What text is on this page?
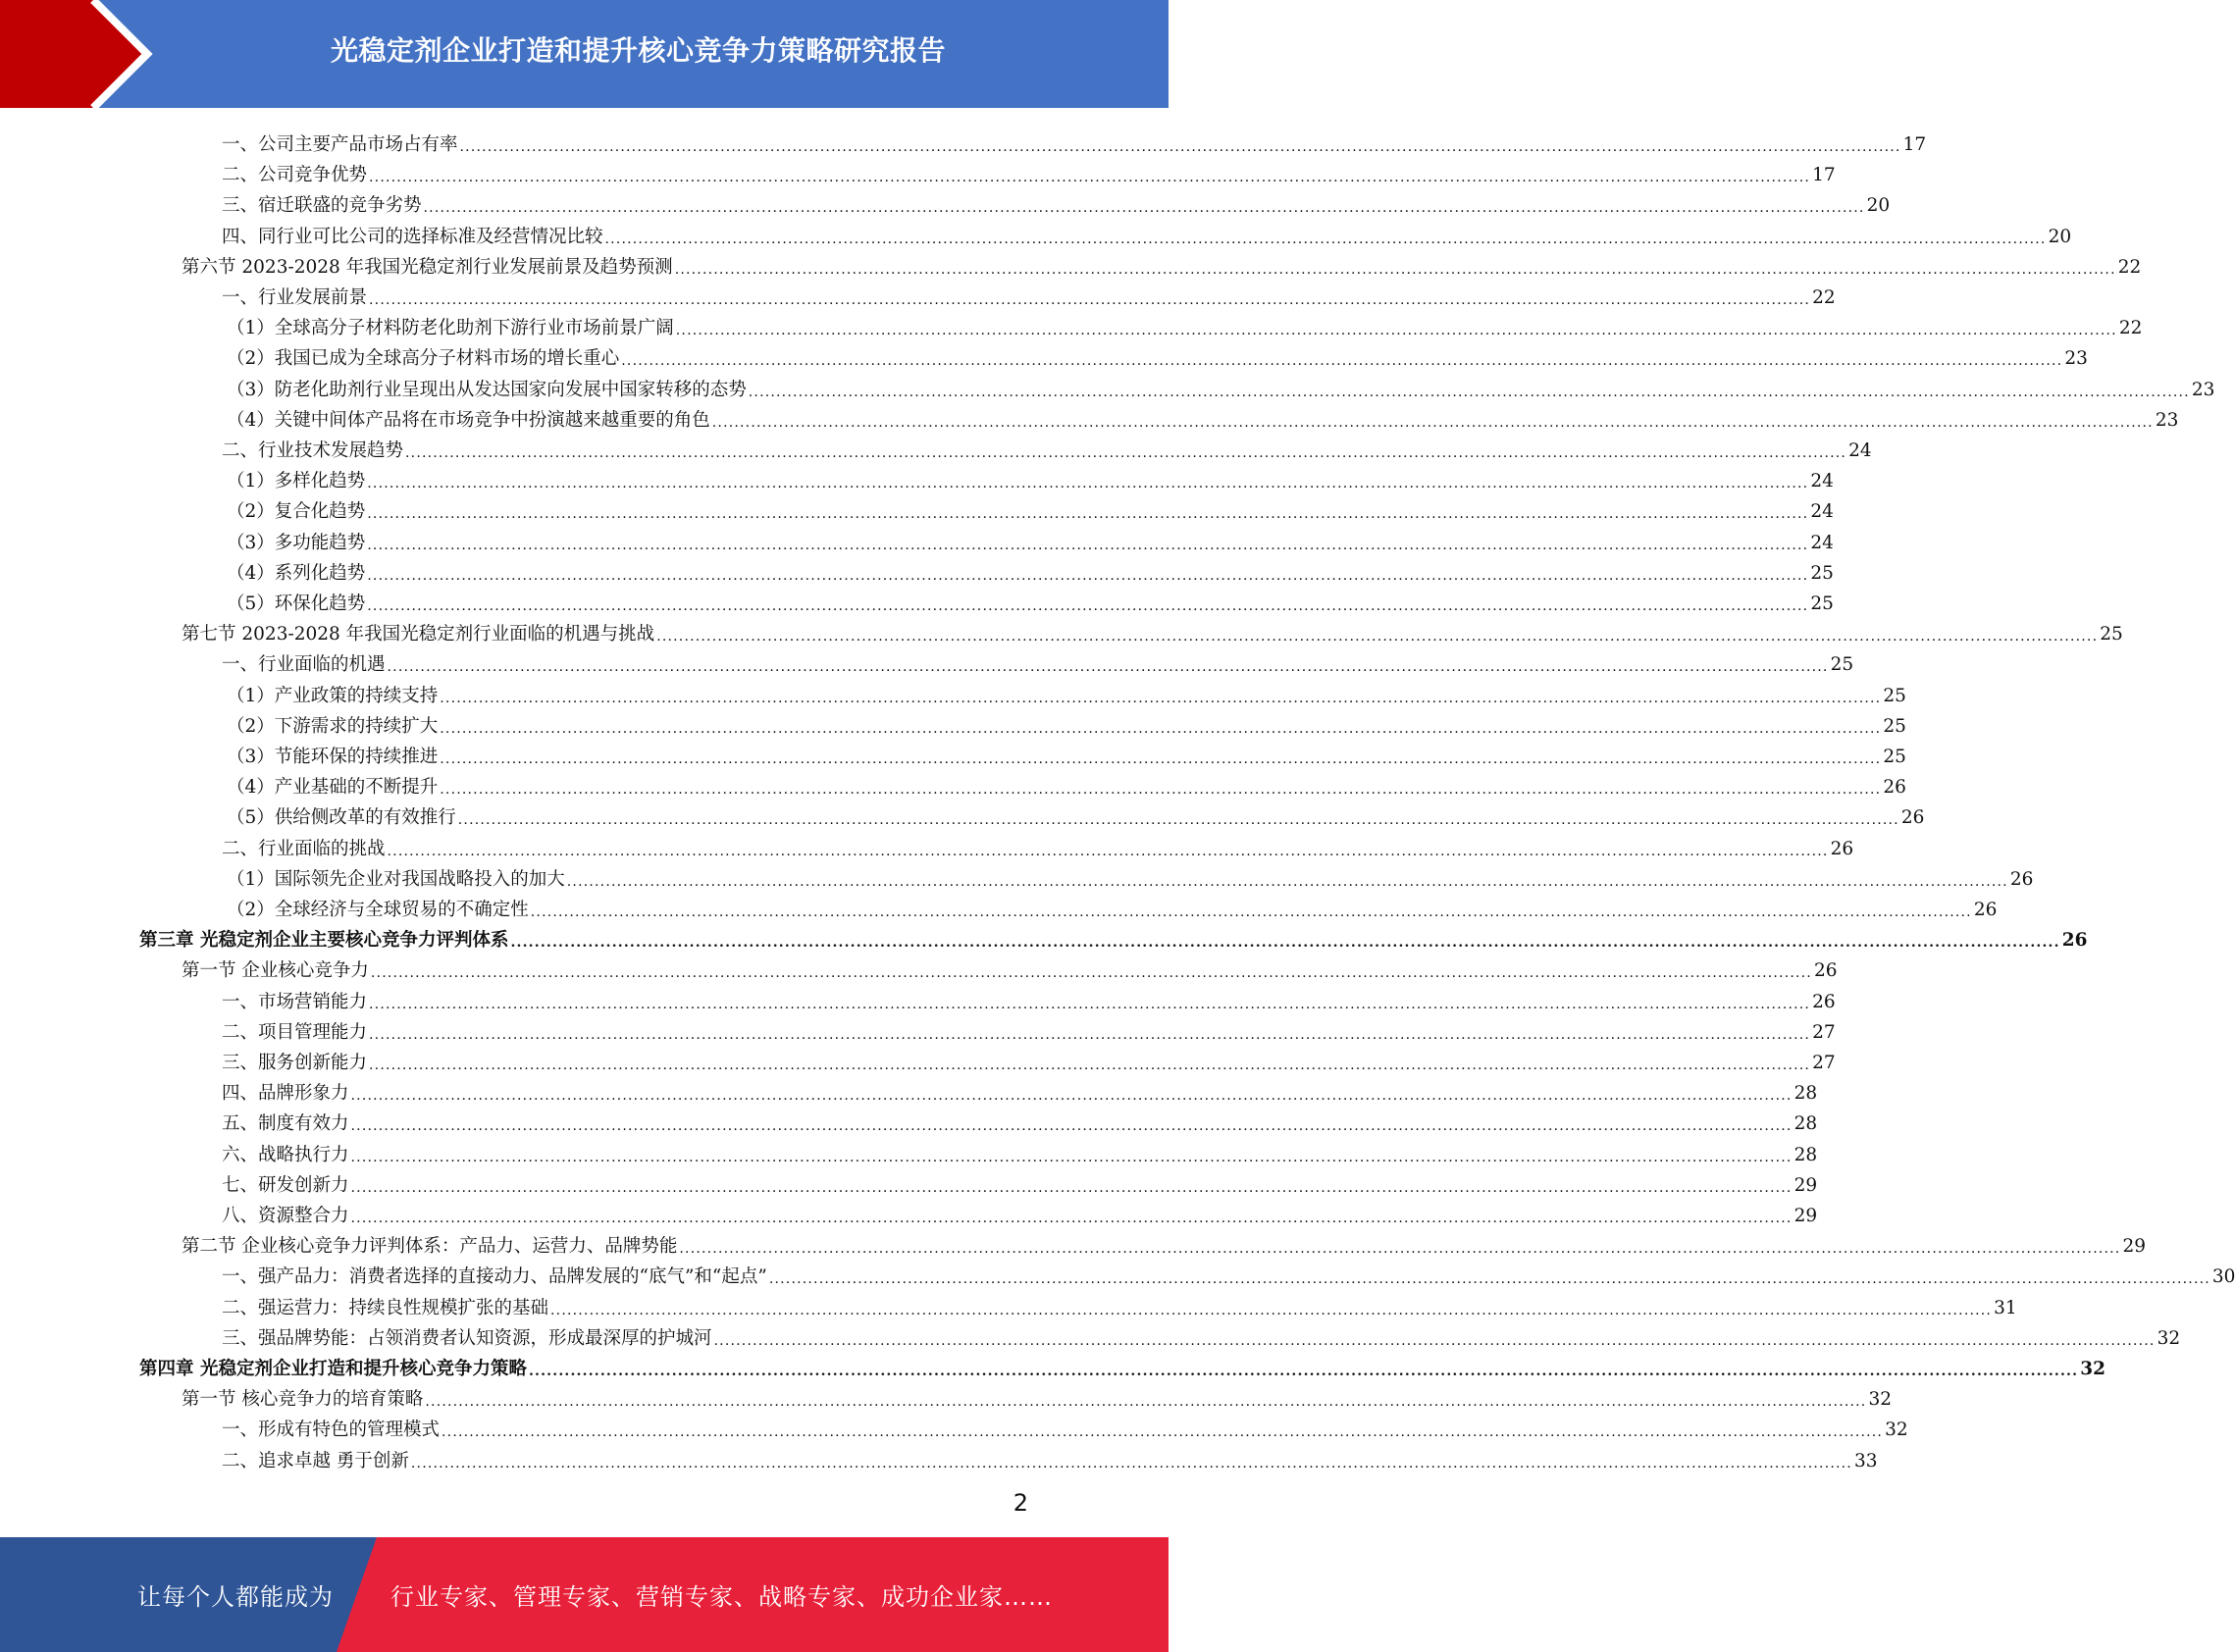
光稳定剂企业打造和提升核心竞争力策略研究报告
一、公司主要产品市场占有率 .................................................................................................................................................................................................................................................................... 17
二、公司竞争优势 .................................................................................................................................................................................................................................................................... 17
三、宿迁联盛的竞争劣势 .................................................................................................................................................................................................................................................................... 20
四、同行业可比公司的选择标准及经营情况比较 .................................................................................................................................................................................................................................................................... 20
第六节 2023-2028 年我国光稳定剂行业发展前景及趋势预测 .................................................................................................................................................................................................................................................................... 22
一、行业发展前景 .................................................................................................................................................................................................................................................................... 22
（1）全球高分子材料防老化助剂下游行业市场前景广阔 .................................................................................................................................................................................................................................................................... 22
（2）我国已成为全球高分子材料市场的增长重心 .................................................................................................................................................................................................................................................................... 23
（3）防老化助剂行业呈现出从发达国家向发展中国家转移的态势 .................................................................................................................................................................................................................................................................... 23
（4）关键中间体产品将在市场竞争中扮演越来越重要的角色 .................................................................................................................................................................................................................................................................... 23
二、行业技术发展趋势 .................................................................................................................................................................................................................................................................... 24
（1）多样化趋势 .................................................................................................................................................................................................................................................................... 24
（2）复合化趋势 .................................................................................................................................................................................................................................................................... 24
（3）多功能趋势 .................................................................................................................................................................................................................................................................... 24
（4）系列化趋势 .................................................................................................................................................................................................................................................................... 25
（5）环保化趋势 .................................................................................................................................................................................................................................................................... 25
第七节 2023-2028 年我国光稳定剂行业面临的机遇与挑战 .................................................................................................................................................................................................................................................................... 25
一、行业面临的机遇 .................................................................................................................................................................................................................................................................... 25
（1）产业政策的持续支持 .................................................................................................................................................................................................................................................................... 25
（2）下游需求的持续扩大 .................................................................................................................................................................................................................................................................... 25
（3）节能环保的持续推进 .................................................................................................................................................................................................................................................................... 25
（4）产业基础的不断提升 .................................................................................................................................................................................................................................................................... 26
（5）供给侧改革的有效推行 .................................................................................................................................................................................................................................................................... 26
二、行业面临的挑战 .................................................................................................................................................................................................................................................................... 26
（1）国际领先企业对我国战略投入的加大 .................................................................................................................................................................................................................................................................... 26
（2）全球经济与全球贸易的不确定性 .................................................................................................................................................................................................................................................................... 26
第三章 光稳定剂企业主要核心竞争力评判体系 .................................................................................................................................................................................................................................................................... 26
第一节 企业核心竞争力 .................................................................................................................................................................................................................................................................... 26
一、市场营销能力 .................................................................................................................................................................................................................................................................... 26
二、项目管理能力 .................................................................................................................................................................................................................................................................... 27
三、服务创新能力 .................................................................................................................................................................................................................................................................... 27
四、品牌形象力 .................................................................................................................................................................................................................................................................... 28
五、制度有效力 .................................................................................................................................................................................................................................................................... 28
六、战略执行力 .................................................................................................................................................................................................................................................................... 28
七、研发创新力 .................................................................................................................................................................................................................................................................... 29
八、资源整合力 .................................................................................................................................................................................................................................................................... 29
第二节 企业核心竞争力评判体系：产品力、运营力、品牌势能 .................................................................................................................................................................................................................................................................... 29
一、强产品力：消费者选择的直接动力、品牌发展的“底气”和“起点” .................................................................................................................................................................................................................................................................... 30
二、强运营力：持续良性规模扩张的基础 .................................................................................................................................................................................................................................................................... 31
三、强品牌势能：占领消费者认知资源，形成最深厚的护城河 .................................................................................................................................................................................................................................................................... 32
第四章 光稳定剂企业打造和提升核心竞争力策略 .................................................................................................................................................................................................................................................................... 32
第一节 核心竞争力的培育策略 .................................................................................................................................................................................................................................................................... 32
一、形成有特色的管理模式 .................................................................................................................................................................................................................................................................... 32
二、追求卓越 勇于创新 .................................................................................................................................................................................................................................................................... 33
2
让每个人都能成为 行业专家、管理专家、营销专家、战略专家、成功企业家……
